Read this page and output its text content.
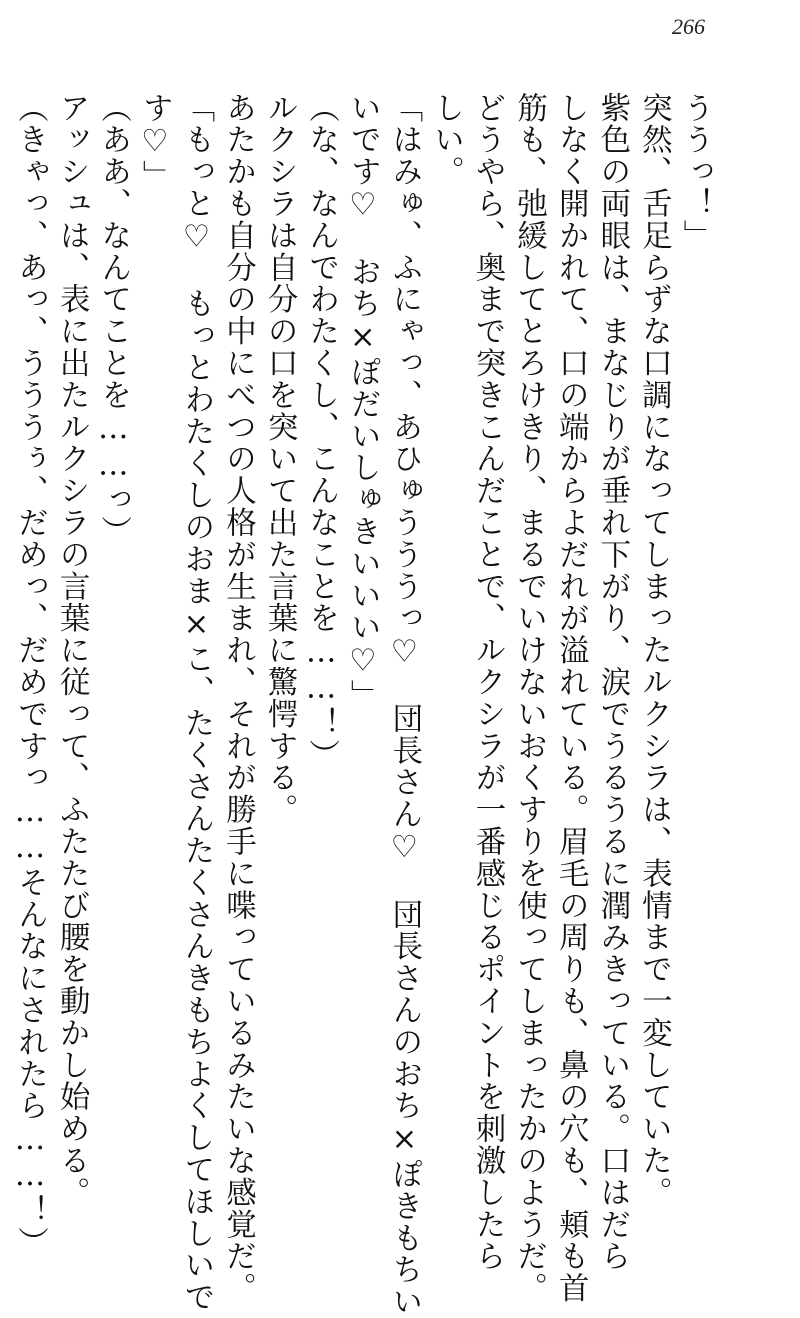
266

ううっ！」

突然、舌足らずな口調になってしまったルクシラは、表情まで一変していた。

紫色の両眼は、まなじりが垂れ下がり、涙でうるうるに潤みきっている。口はだら

しなく開かれて、口の端からよだれが溢れている。眉毛の周りも、鼻の穴も、頬も首

筋も、弛緩してとろけきり、まるでいけないおくすりを使ってしまったかのようだ。

どうやら、奥まで突きこんだことで、ルクシラが一番感じるポイントを刺激したら

しい。

「はみゅ、ふにゃっ、あひゅうううっ♡　団長さん♡　団長さんのおち×ぽきもちい

いです♡　おち×ぽだいしゅきいいい♡」

（な、なんでわたくし、こんなことを……！）

ルクシラは自分の口を突いて出た言葉に驚愕する。

あたかも自分の中にべつの人格が生まれ、それが勝手に喋っているみたいな感覚だ。

「もっと♡　もっとわたくしのおま×こ、たくさんたくさんきもちよくしてほしいで

す♡」

（ああ、なんてことを……っ）

アッシュは、表に出たルクシラの言葉に従って、ふたたび腰を動かし始める。

（きゃっ、あっ、うううぅ、だめっ、だめですっ……そんなにされたら……！）
